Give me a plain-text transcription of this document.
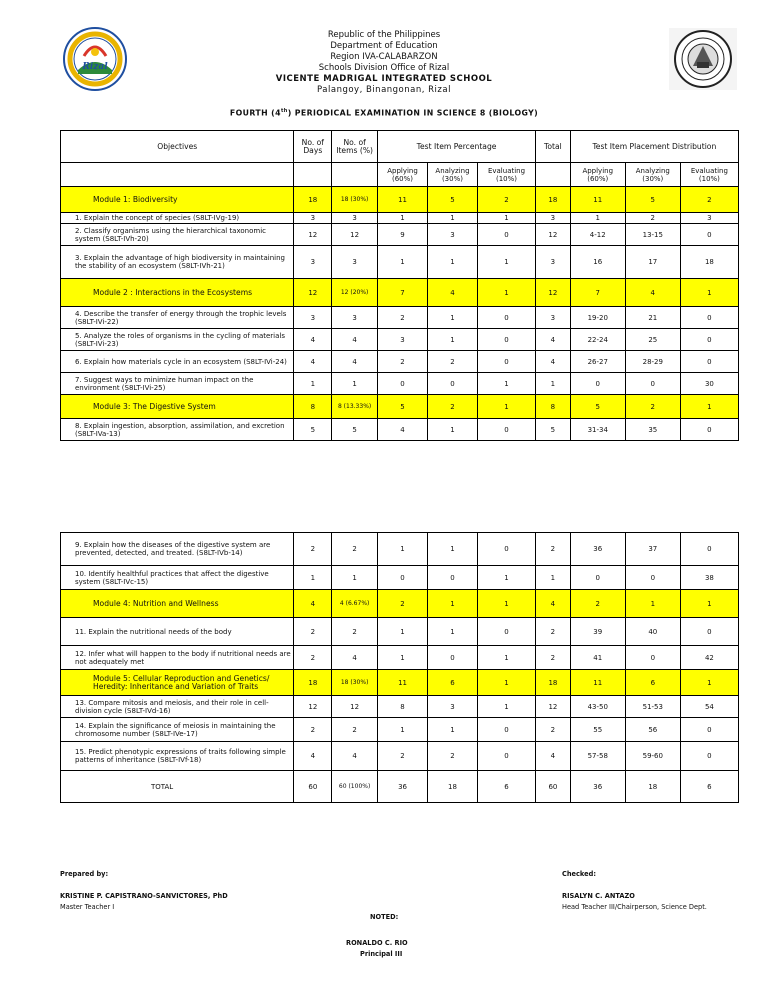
Rizal
Republic of the Philippines
Department of Education
Region IVA-CALABARZON
Schools Division Office of Rizal
VICENTE MADRIGAL INTEGRATED SCHOOL
Palangoy, Binangonan, Rizal
FOURTH (4th) PERIODICAL EXAMINATION IN SCIENCE 8 (BIOLOGY)
Objectives	No. of Days	No. of Items (%)	Test Item Percentage			Total	Test Item Placement Distribution		
			Applying (60%)	Analyzing (30%)	Evaluating (10%)		Applying (60%)	Analyzing (30%)	Evaluating (10%)
Module 1: Biodiversity	18	18 (30%)	11	5	2	18	11	5	2
1. Explain the concept of species (S8LT-IVg-19)	3	3	1	1	1	3	1	2	3
2. Classify organisms using the hierarchical taxonomic system (S8LT-IVh-20)	12	12	9	3	0	12	4-12	13-15	0
3. Explain the advantage of high biodiversity in maintaining the stability of an ecosystem (S8LT-IVh-21)	3	3	1	1	1	3	16	17	18
Module 2 : Interactions in the Ecosystems	12	12 (20%)	7	4	1	12	7	4	1
4. Describe the transfer of energy through the trophic levels (S8LT-IVi-22)	3	3	2	1	0	3	19-20	21	0
5. Analyze the roles of organisms in the cycling of materials (S8LT-IVi-23)	4	4	3	1	0	4	22-24	25	0
6. Explain how materials cycle in an ecosystem (S8LT-IVi-24)	4	4	2	2	0	4	26-27	28-29	0
7. Suggest ways to minimize human impact on the environment (S8LT-IVi-25)	1	1	0	0	1	1	0	0	30
Module 3: The Digestive System	8	8 (13.33%)	5	2	1	8	5	2	1
8. Explain ingestion, absorption, assimilation, and excretion (S8LT-IVa-13)	5	5	4	1	0	5	31-34	35	0
9. Explain how the diseases of the digestive system are prevented, detected, and treated. (S8LT-IVb-14)	2	2	1	1	0	2	36	37	0
10. Identify healthful practices that affect the digestive system (S8LT-IVc-15)	1	1	0	0	1	1	0	0	38
Module 4: Nutrition and Wellness	4	4 (6.67%)	2	1	1	4	2	1	1
11. Explain the nutritional needs of the body	2	2	1	1	0	2	39	40	0
12. Infer what will happen to the body if nutritional needs are not adequately met	2	4	1	0	1	2	41	0	42
Module 5: Cellular Reproduction and Genetics/ Heredity: Inheritance and Variation of Traits	18	18 (30%)	11	6	1	18	11	6	1
13. Compare mitosis and meiosis, and their role in cell-division cycle (S8LT-IVd-16)	12	12	8	3	1	12	43-50	51-53	54
14. Explain the significance of meiosis in maintaining the chromosome number (S8LT-IVe-17)	2	2	1	1	0	2	55	56	0
15. Predict phenotypic expressions of traits following simple patterns of inheritance (S8LT-IVf-18)	4	4	2	2	0	4	57-58	59-60	0
TOTAL	60	60 (100%)	36	18	6	60	36	18	6
Prepared by:
KRISTINE P. CAPISTRANO-SANVICTORES, PhD
Master Teacher I
Checked:
RISALYN C. ANTAZO
Head Teacher III/Chairperson, Science Dept.
NOTED:
RONALDO C. RIO
Principal III
